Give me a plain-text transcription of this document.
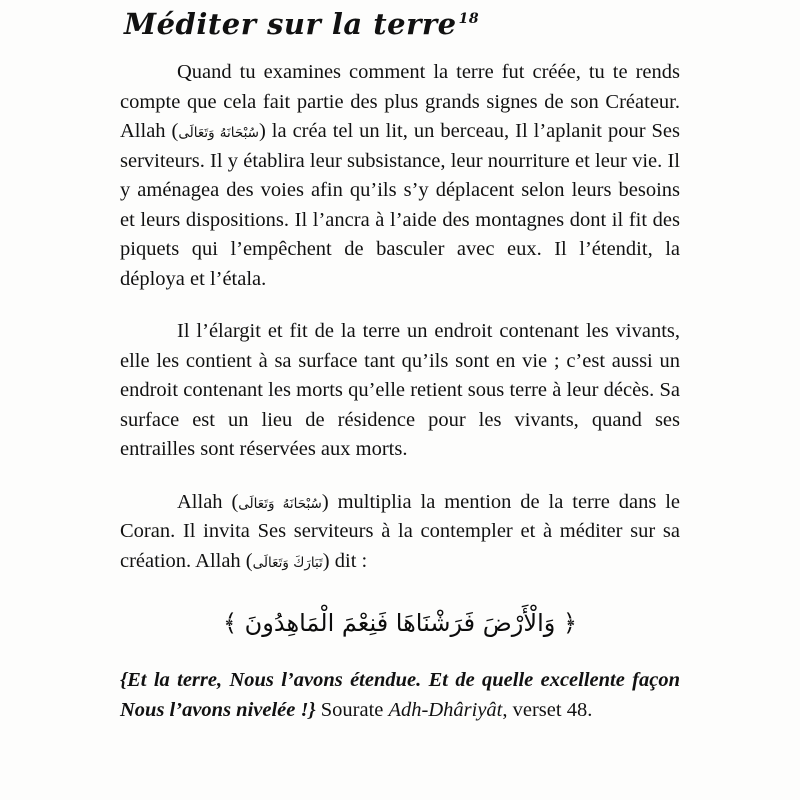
Méditer sur la terre $^{18}$

Quand tu examines comment la terre fut créée, tu te rends compte que cela fait partie des plus grands signes de son Créateur. Allah (سُبْحَانَهُ وَتَعَالَى) la créa tel un lit, un berceau, Il l’aplanit pour Ses serviteurs. Il y établira leur subsistance, leur nourriture et leur vie. Il y aménagea des voies afin qu’ils s’y déplacent selon leurs besoins et leurs dispositions. Il l’ancra à l’aide des montagnes dont il fit des piquets qui l’empêchent de basculer avec eux. Il l’étendit, la déploya et l’étala.

Il l’élargit et fit de la terre un endroit contenant les vivants, elle les contient à sa surface tant qu’ils sont en vie ; c’est aussi un endroit contenant les morts qu’elle retient sous terre à leur décès. Sa surface est un lieu de résidence pour les vivants, quand ses entrailles sont réservées aux morts.

Allah (سُبْحَانَهُ وَتَعَالَى) multiplia la mention de la terre dans le Coran. Il invita Ses serviteurs à la contempler et à méditer sur sa création. Allah (تَبَارَكَ وَتَعَالَى) dit :

﴿ وَالْأَرْضَ فَرَشْنَاهَا فَنِعْمَ الْمَاهِدُونَ ﴾

{Et la terre, Nous l’avons étendue. Et de quelle excellente façon Nous l’avons nivelée !} Sourate Adh-Dhâriyât, verset 48.
